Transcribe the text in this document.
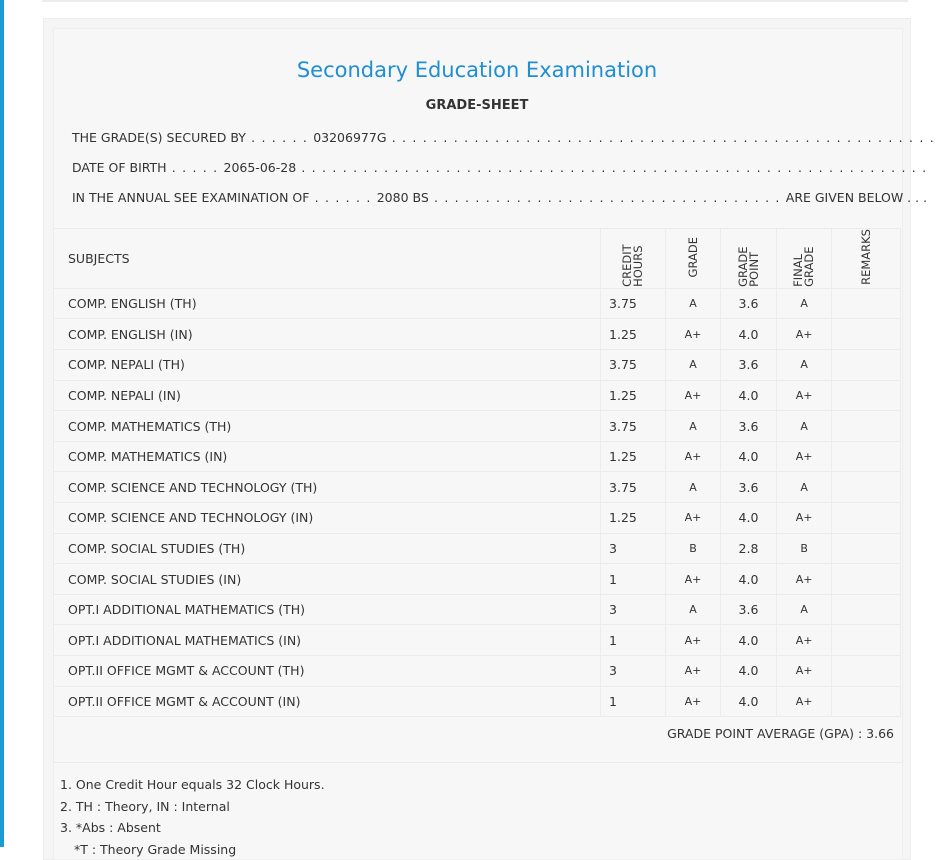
Secondary Education Examination
GRADE-SHEET
THE GRADE(S) SECURED BY . . . . . . 03206977G . . . . . . . . . . . . . . . . . . . . . . . . . . . . . . . . . . . . . . . . . . . . . . . . . . . . .
DATE OF BIRTH . . . . . 2065-06-28 . . . . . . . . . . . . . . . . . . . . . . . . . . . . . . . . . . . . . . . . . . . . . . . . . . . . . . . . . . . . .
IN THE ANNUAL SEE EXAMINATION OF . . . . . . 2080 BS . . . . . . . . . . . . . . . . . . . . . . . . . . . . . . . . . . ARE GIVEN BELOW . . .
SUBJECTS	CREDIT HOURS	GRADE	GRADE POINT	FINAL GRADE	REMARKS
COMP. ENGLISH (TH)	3.75	A	3.6	A	
COMP. ENGLISH (IN)	1.25	A+	4.0	A+	
COMP. NEPALI (TH)	3.75	A	3.6	A	
COMP. NEPALI (IN)	1.25	A+	4.0	A+	
COMP. MATHEMATICS (TH)	3.75	A	3.6	A	
COMP. MATHEMATICS (IN)	1.25	A+	4.0	A+	
COMP. SCIENCE AND TECHNOLOGY (TH)	3.75	A	3.6	A	
COMP. SCIENCE AND TECHNOLOGY (IN)	1.25	A+	4.0	A+	
COMP. SOCIAL STUDIES (TH)	3	B	2.8	B	
COMP. SOCIAL STUDIES (IN)	1	A+	4.0	A+	
OPT.I ADDITIONAL MATHEMATICS (TH)	3	A	3.6	A	
OPT.I ADDITIONAL MATHEMATICS (IN)	1	A+	4.0	A+	
OPT.II OFFICE MGMT & ACCOUNT (TH)	3	A+	4.0	A+	
OPT.II OFFICE MGMT & ACCOUNT (IN)	1	A+	4.0	A+	
GRADE POINT AVERAGE (GPA) : 3.66
1. One Credit Hour equals 32 Clock Hours.
2. TH : Theory, IN : Internal
3. *Abs : Absent
*T : Theory Grade Missing
